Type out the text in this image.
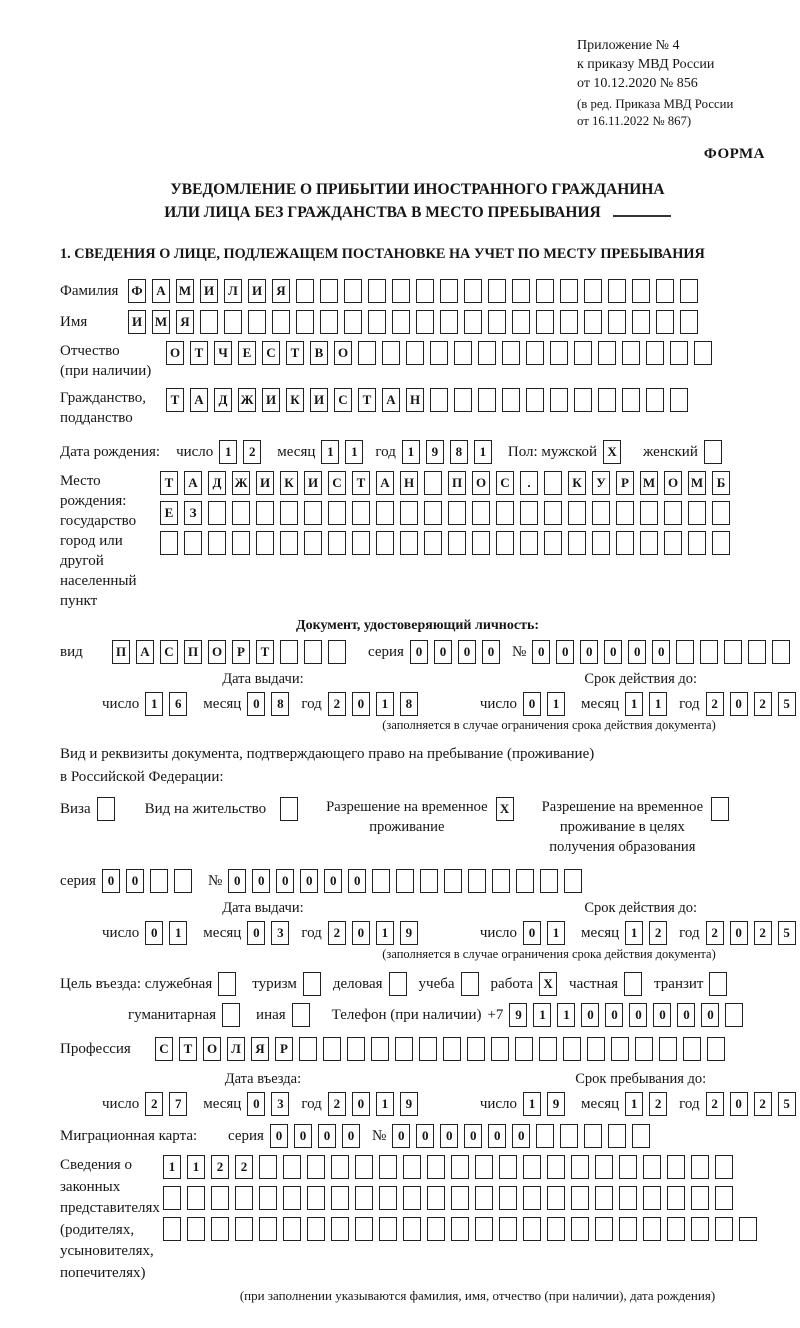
Приложение № 4
к приказу МВД России
от 10.12.2020 № 856
(в ред. Приказа МВД России
от 16.11.2022 № 867)
ФОРМА
УВЕДОМЛЕНИЕ О ПРИБЫТИИ ИНОСТРАННОГО ГРАЖДАНИНА
ИЛИ ЛИЦА БЕЗ ГРАЖДАНСТВА В МЕСТО ПРЕБЫВАНИЯ
1. СВЕДЕНИЯ О ЛИЦЕ, ПОДЛЕЖАЩЕМ ПОСТАНОВКЕ НА УЧЕТ ПО МЕСТУ ПРЕБЫВАНИЯ
Фамилия Ф А М И Л И Я
Имя	И М Я
Отчество
(при наличии)
О Т Ч Е С Т В О
Гражданство,
подданство
Т А Д Ж И К И С Т А Н
Дата рождения: число 1 2	месяц 1 1	год 1 9 8 1	Пол: мужской X	женский
Место рождения:
государство
город или другой
населенный пункт
Т А Д Ж И К И С Т А Н	П О С .	К У Р М О М Б
Е З
Документ, удостоверяющий личность:
вид	П А С П О Р Т	серия 0 0 0 0	№ 0 0 0 0 0 0
Дата выдачи:
число 1 6	месяц 0 8	год 2 0 1 8
Срок действия до:
число 0 1	месяц 1 1	год 2 0 2 5
(заполняется в случае ограничения срока действия документа)
Вид и реквизиты документа, подтверждающего право на пребывание (проживание)
в Российской Федерации:
Виза	Вид на жительство	Разрешение на временное
проживание
X	Разрешение на временное
проживание в целях
получения образования
серия 0 0	№ 0 0 0 0 0 0
Дата выдачи:
число 0 1	месяц 0 3	год 2 0 1 9
Срок действия до:
число 0 1	месяц 1 2	год 2 0 2 5
(заполняется в случае ограничения срока действия документа)
Цель въезда: служебная	туризм деловая учеба работа X	частная транзит
гуманитарная	иная	Телефон (при наличии) +7 9 1 1 0 0 0 0 0 0
Профессия	С Т О Л Я Р
Дата въезда:
число 2 7	месяц 0 3	год 2 0 1 9
Срок пребывания до:
число 1 9	месяц 1 2	год 2 0 2 5
Миграционная карта:	серия 0 0 0 0	№ 0 0 0 0 0 0
Сведения о
законных
представителях
(родителях,
усыновителях,
попечителях)
1 1 2 2
(при заполнении указываются фамилия, имя, отчество (при наличии), дата рождения)
